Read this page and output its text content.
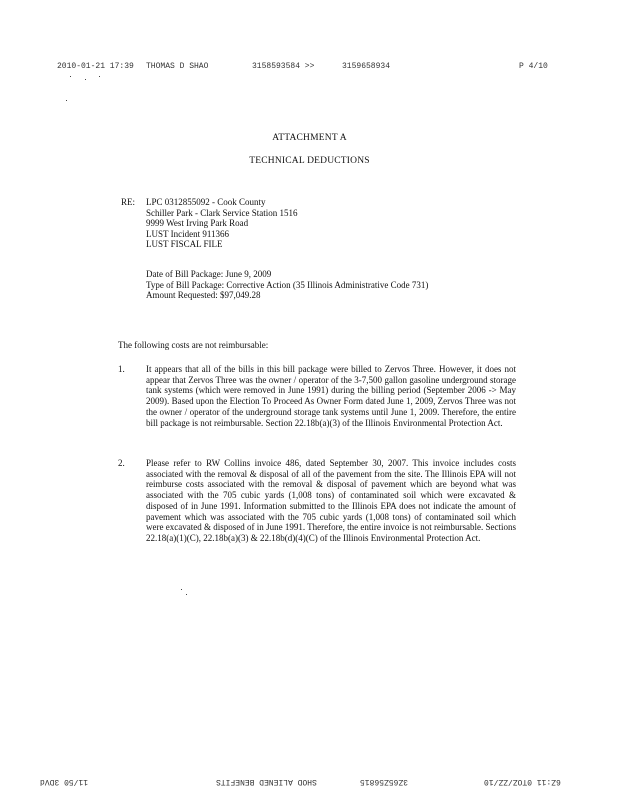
2010-01-21 17:39 THOMAS D SHAO	3158593584 >>	3159658934	P 4/10
ATTACHMENT A
TECHNICAL DEDUCTIONS
RE: LPC 0312855092 - Cook County
Schiller Park - Clark Service Station 1516
9999 West Irving Park Road
LUST Incident 911366
LUST FISCAL FILE
Date of Bill Package: June 9, 2009
Type of Bill Package: Corrective Action (35 Illinois Administrative Code 731)
Amount Requested: $97,049.28
The following costs are not reimbursable:
1. It appears that all of the bills in this bill package were billed to Zervos Three. However, it does not appear that Zervos Three was the owner / operator of the 3-7,500 gallon gasoline underground storage tank systems (which were removed in June 1991) during the billing period (September 2006 -> May 2009). Based upon the Election To Proceed As Owner Form dated June 1, 2009, Zervos Three was not the owner / operator of the underground storage tank systems until June 1, 2009. Therefore, the entire bill package is not reimbursable. Section 22.18b(a)(3) of the Illinois Environmental Protection Act.
2. Please refer to RW Collins invoice 486, dated September 30, 2007. This invoice includes costs associated with the removal & disposal of all of the pavement from the site. The Illinois EPA will not reimburse costs associated with the removal & disposal of pavement which are beyond what was associated with the 705 cubic yards (1,008 tons) of contaminated soil which were excavated & disposed of in June 1991. Information submitted to the Illinois EPA does not indicate the amount of pavement which was associated with the 705 cubic yards (1,008 tons) of contaminated soil which were excavated & disposed of in June 1991. Therefore, the entire invoice is not reimbursable. Sections 22.18(a)(1)(C), 22.18b(a)(3) & 22.18b(d)(4)(C) of the Illinois Environmental Protection Act.
11/50 3DVd	SHOD ALIENED BENEFITS	3Z65Z56815	6Z:11 0TOZ/ZZ/10
